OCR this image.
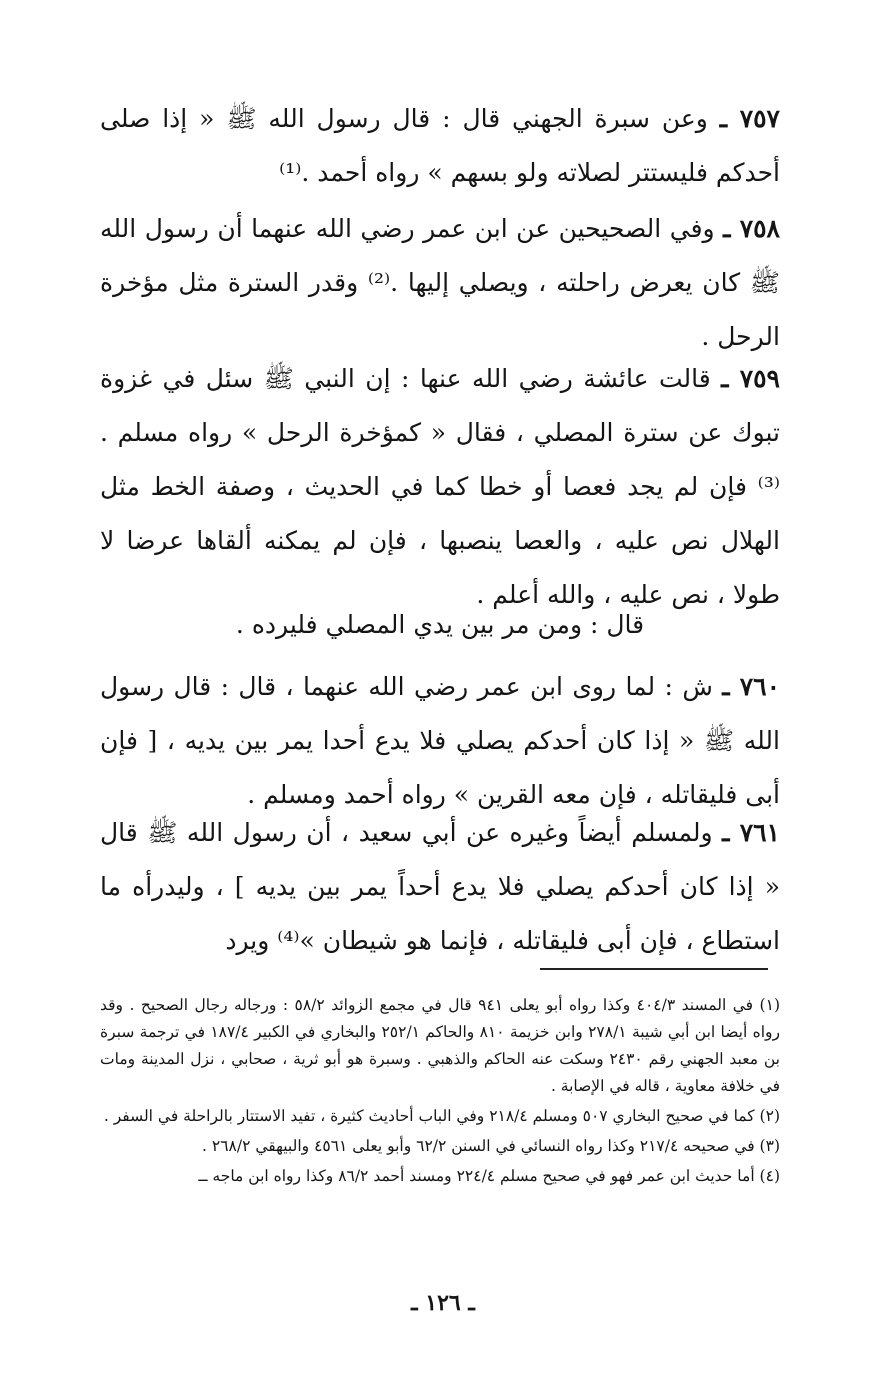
٧٥٧ ـ وعن سبرة الجهني قال : قال رسول الله ﷺ « إذا صلى أحدكم فليستتر لصلاته ولو بسهم » رواه أحمد .⁽¹⁾
٧٥٨ ـ وفي الصحيحين عن ابن عمر رضي الله عنهما أن رسول الله ﷺ كان يعرض راحلته ، ويصلي إليها .⁽²⁾ وقدر السترة مثل مؤخرة الرحل .
٧٥٩ ـ قالت عائشة رضي الله عنها : إن النبي ﷺ سئل في غزوة تبوك عن سترة المصلي ، فقال « كمؤخرة الرحل » رواه مسلم .⁽³⁾ فإن لم يجد فعصا أو خطا كما في الحديث ، وصفة الخط مثل الهلال نص عليه ، والعصا ينصبها ، فإن لم يمكنه ألقاها عرضا لا طولا ، نص عليه ، والله أعلم .
قال : ومن مر بين يدي المصلي فليرده .
٧٦٠ ـ ش : لما روى ابن عمر رضي الله عنهما ، قال : قال رسول الله ﷺ « إذا كان أحدكم يصلي فلا يدع أحدا يمر بين يديه ، [ فإن أبى فليقاتله ، فإن معه القرين » رواه أحمد ومسلم .
٧٦١ ـ ولمسلم أيضاً وغيره عن أبي سعيد ، أن رسول الله ﷺ قال « إذا كان أحدكم يصلي فلا يدع أحداً يمر بين يديه ] ، وليدرأه ما استطاع ، فإن أبى فليقاتله ، فإنما هو شيطان »⁽⁴⁾ ويرد

(١) في المسند ٤٠٤/٣ وكذا رواه أبو يعلى ٩٤١ قال في مجمع الزوائد ٥٨/٢ : ورجاله رجال الصحيح . وقد رواه أيضا ابن أبي شيبة ٢٧٨/١ وابن خزيمة ٨١٠ والحاكم ٢٥٢/١ والبخاري في الكبير ١٨٧/٤ في ترجمة سبرة بن معبد الجهني رقم ٢٤٣٠ وسكت عنه الحاكم والذهبي . وسبرة هو أبو ثرية ، صحابي ، نزل المدينة ومات في خلافة معاوية ، قاله في الإصابة .

(٢) كما في صحيح البخاري ٥٠٧ ومسلم ٢١٨/٤ وفي الباب أحاديث كثيرة ، تفيد الاستتار بالراحلة في السفر .

(٣) في صحيحه ٢١٧/٤ وكذا رواه النسائي في السنن ٦٢/٢ وأبو يعلى ٤٥٦١ والبيهقي ٢٦٨/٢ .

(٤) أما حديث ابن عمر فهو في صحيح مسلم ٢٢٤/٤ ومسند أحمد ٨٦/٢ وكذا رواه ابن ماجه ــ

ـ ١٢٦ ـ
